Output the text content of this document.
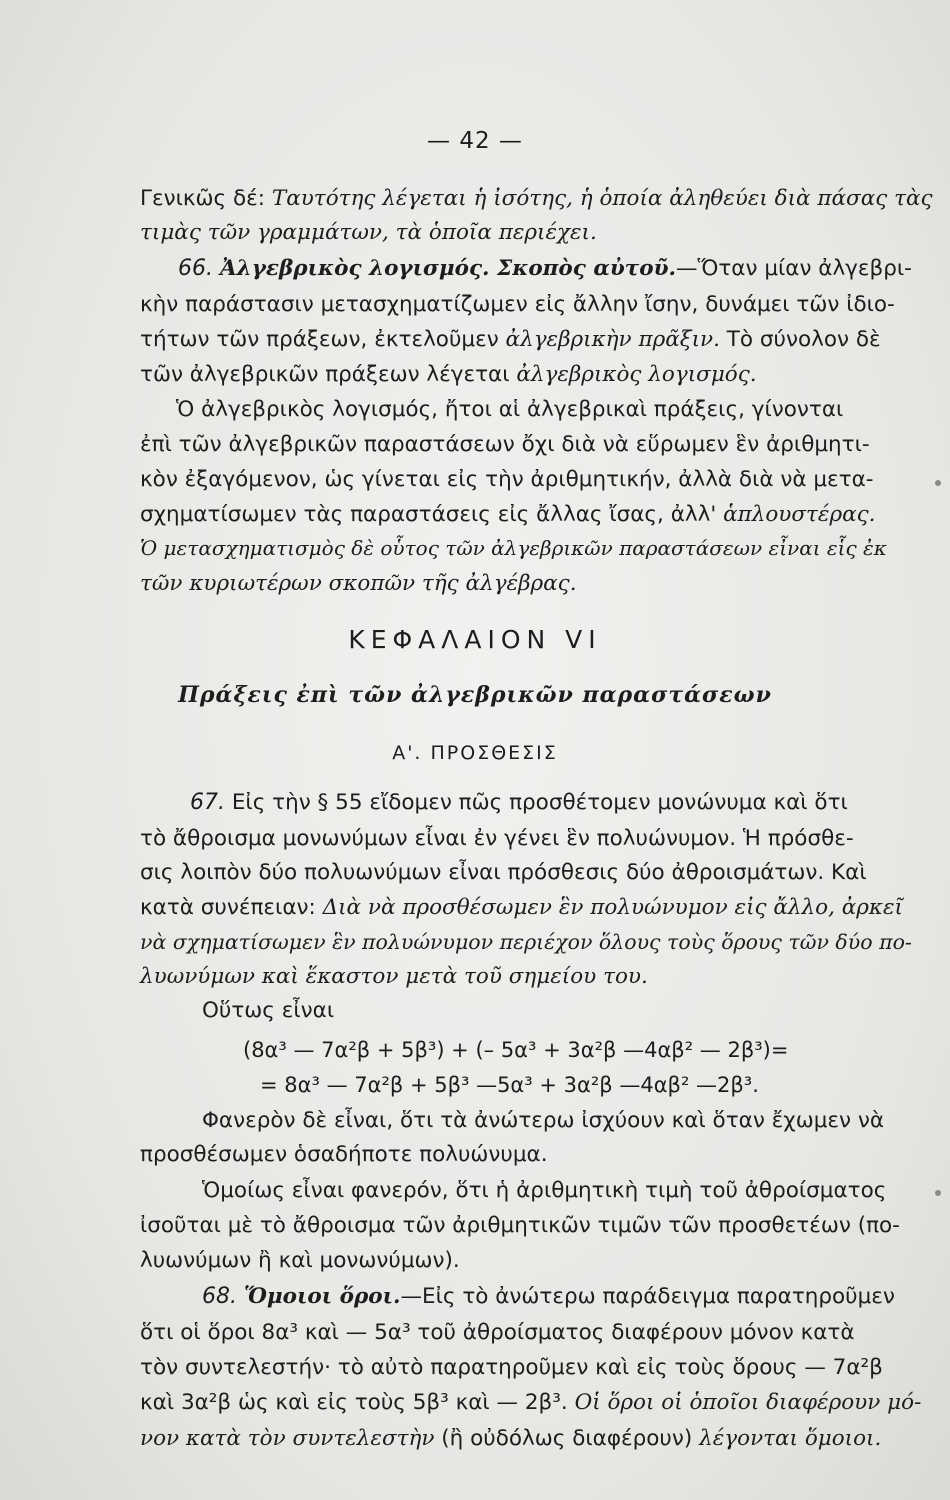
— 42 —
Γενικῶς δέ: Ταυτότης λέγεται ἡ ἰσότης, ἡ ὁποία ἀληθεύει διὰ πάσας τὰς
τιμὰς τῶν γραμμάτων, τὰ ὁποῖα περιέχει.
66. Ἀλγεβρικὸς λογισμός. Σκοπὸς αὐτοῦ.—Ὅταν μίαν ἀλγεβρι-
κὴν παράστασιν μετασχηματίζωμεν εἰς ἄλλην ἴσην, δυνάμει τῶν ἰδιο-
τήτων τῶν πράξεων, ἐκτελοῦμεν ἀλγεβρικὴν πρᾶξιν. Τὸ σύνολον δὲ
τῶν ἀλγεβρικῶν πράξεων λέγεται ἀλγεβρικὸς λογισμός.
Ὁ ἀλγεβρικὸς λογισμός, ἤτοι αἱ ἀλγεβρικαὶ πράξεις, γίνονται
ἐπὶ τῶν ἀλγεβρικῶν παραστάσεων ὄχι διὰ νὰ εὕρωμεν ἓν ἀριθμητι-
κὸν ἐξαγόμενον, ὡς γίνεται εἰς τὴν ἀριθμητικήν, ἀλλὰ διὰ νὰ μετα-
σχηματίσωμεν τὰς παραστάσεις εἰς ἄλλας ἴσας, ἀλλ' ἁπλουστέρας.
Ὁ μετασχηματισμὸς δὲ οὗτος τῶν ἀλγεβρικῶν παραστάσεων εἶναι εἷς ἐκ
τῶν κυριωτέρων σκοπῶν τῆς ἀλγέβρας.
ΚΕΦΑΛΑΙΟΝ VI
Πράξεις ἐπὶ τῶν ἀλγεβρικῶν παραστάσεων
Α'. ΠΡΟΣΘΕΣΙΣ
67. Εἰς τὴν § 55 εἴδομεν πῶς προσθέτομεν μονώνυμα καὶ ὅτι
τὸ ἄθροισμα μονωνύμων εἶναι ἐν γένει ἓν πολυώνυμον. Ἡ πρόσθε-
σις λοιπὸν δύο πολυωνύμων εἶναι πρόσθεσις δύο ἀθροισμάτων. Καὶ
κατὰ συνέπειαν: Διὰ νὰ προσθέσωμεν ἓν πολυώνυμον εἰς ἄλλο, ἀρκεῖ
νὰ σχηματίσωμεν ἓν πολυώνυμον περιέχον ὅλους τοὺς ὅρους τῶν δύο πο-
λυωνύμων καὶ ἕκαστον μετὰ τοῦ σημείου του.
Οὕτως εἶναι
(8α³ — 7α²β + 5β³) + (– 5α³ + 3α²β —4αβ² — 2β³)=
= 8α³ — 7α²β + 5β³ —5α³ + 3α²β —4αβ² —2β³.
Φανερὸν δὲ εἶναι, ὅτι τὰ ἀνώτερω ἰσχύουν καὶ ὅταν ἔχωμεν νὰ
προσθέσωμεν ὁσαδήποτε πολυώνυμα.
Ὁμοίως εἶναι φανερόν, ὅτι ἡ ἀριθμητικὴ τιμὴ τοῦ ἀθροίσματος
ἰσοῦται μὲ τὸ ἄθροισμα τῶν ἀριθμητικῶν τιμῶν τῶν προσθετέων (πο-
λυωνύμων ἢ καὶ μονωνύμων).
68. Ὅμοιοι ὅροι.—Εἰς τὸ ἀνώτερω παράδειγμα παρατηροῦμεν
ὅτι οἱ ὅροι 8α³ καὶ — 5α³ τοῦ ἀθροίσματος διαφέρουν μόνον κατὰ
τὸν συντελεστήν· τὸ αὐτὸ παρατηροῦμεν καὶ εἰς τοὺς ὅρους — 7α²β
καὶ 3α²β ὡς καὶ εἰς τοὺς 5β³ καὶ — 2β³. Οἱ ὅροι οἱ ὁποῖοι διαφέρουν μό-
νον κατὰ τὸν συντελεστὴν (ἢ οὐδόλως διαφέρουν) λέγονται ὅμοιοι.
